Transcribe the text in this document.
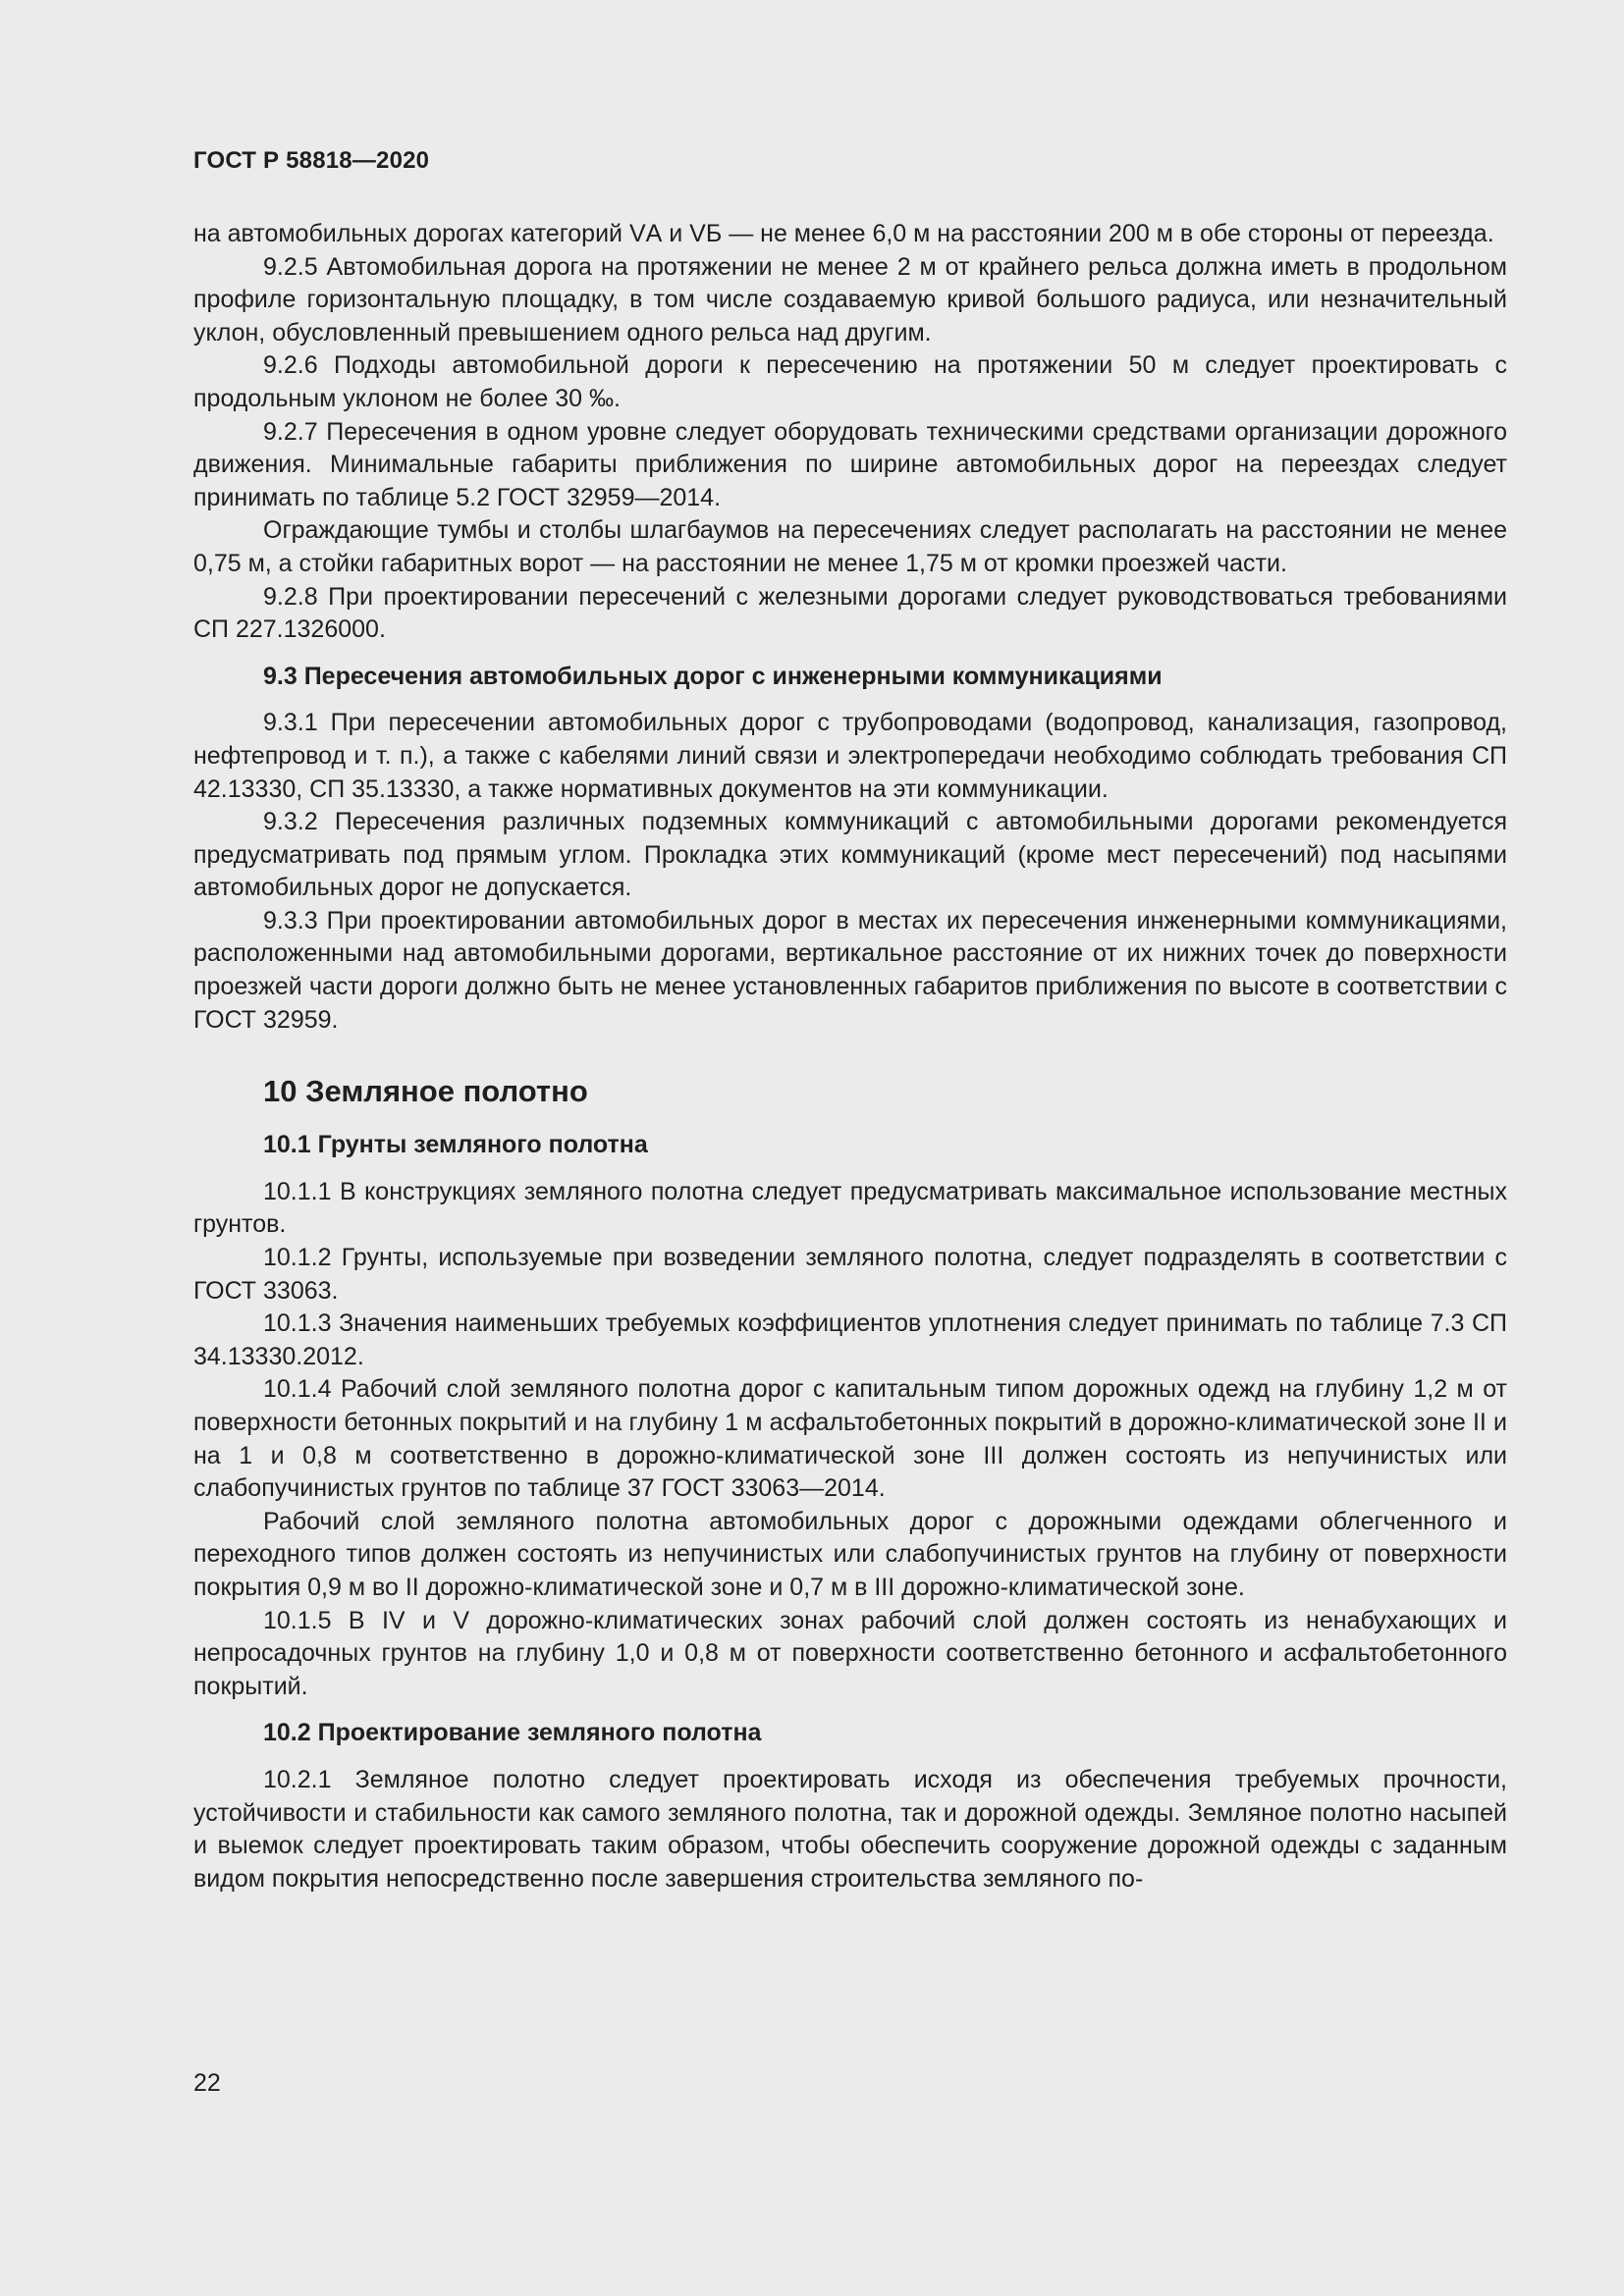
ГОСТ Р 58818—2020

на автомобильных дорогах категорий VА и VБ — не менее 6,0 м на расстоянии 200 м в обе стороны от переезда.

9.2.5 Автомобильная дорога на протяжении не менее 2 м от крайнего рельса должна иметь в продольном профиле горизонтальную площадку, в том числе создаваемую кривой большого радиуса, или незначительный уклон, обусловленный превышением одного рельса над другим.

9.2.6 Подходы автомобильной дороги к пересечению на протяжении 50 м следует проектировать с продольным уклоном не более 30 ‰.

9.2.7 Пересечения в одном уровне следует оборудовать техническими средствами организации дорожного движения. Минимальные габариты приближения по ширине автомобильных дорог на переездах следует принимать по таблице 5.2 ГОСТ 32959—2014.

Ограждающие тумбы и столбы шлагбаумов на пересечениях следует располагать на расстоянии не менее 0,75 м, а стойки габаритных ворот — на расстоянии не менее 1,75 м от кромки проезжей части.

9.2.8 При проектировании пересечений с железными дорогами следует руководствоваться требованиями СП 227.1326000.

9.3 Пересечения автомобильных дорог с инженерными коммуникациями

9.3.1 При пересечении автомобильных дорог с трубопроводами (водопровод, канализация, газопровод, нефтепровод и т. п.), а также с кабелями линий связи и электропередачи необходимо соблюдать требования СП 42.13330, СП 35.13330, а также нормативных документов на эти коммуникации.

9.3.2 Пересечения различных подземных коммуникаций с автомобильными дорогами рекомендуется предусматривать под прямым углом. Прокладка этих коммуникаций (кроме мест пересечений) под насыпями автомобильных дорог не допускается.

9.3.3 При проектировании автомобильных дорог в местах их пересечения инженерными коммуникациями, расположенными над автомобильными дорогами, вертикальное расстояние от их нижних точек до поверхности проезжей части дороги должно быть не менее установленных габаритов приближения по высоте в соответствии с ГОСТ 32959.

10 Земляное полотно

10.1 Грунты земляного полотна

10.1.1 В конструкциях земляного полотна следует предусматривать максимальное использование местных грунтов.

10.1.2 Грунты, используемые при возведении земляного полотна, следует подразделять в соответствии с ГОСТ 33063.

10.1.3 Значения наименьших требуемых коэффициентов уплотнения следует принимать по таблице 7.3 СП 34.13330.2012.

10.1.4 Рабочий слой земляного полотна дорог с капитальным типом дорожных одежд на глубину 1,2 м от поверхности бетонных покрытий и на глубину 1 м асфальтобетонных покрытий в дорожно-климатической зоне II и на 1 и 0,8 м соответственно в дорожно-климатической зоне III должен состоять из непучинистых или слабопучинистых грунтов по таблице 37 ГОСТ 33063—2014.

Рабочий слой земляного полотна автомобильных дорог с дорожными одеждами облегченного и переходного типов должен состоять из непучинистых или слабопучинистых грунтов на глубину от поверхности покрытия 0,9 м во II дорожно-климатической зоне и 0,7 м в III дорожно-климатической зоне.

10.1.5 В IV и V дорожно-климатических зонах рабочий слой должен состоять из ненабухающих и непросадочных грунтов на глубину 1,0 и 0,8 м от поверхности соответственно бетонного и асфальтобетонного покрытий.

10.2 Проектирование земляного полотна

10.2.1 Земляное полотно следует проектировать исходя из обеспечения требуемых прочности, устойчивости и стабильности как самого земляного полотна, так и дорожной одежды. Земляное полотно насыпей и выемок следует проектировать таким образом, чтобы обеспечить сооружение дорожной одежды с заданным видом покрытия непосредственно после завершения строительства земляного по-

22
